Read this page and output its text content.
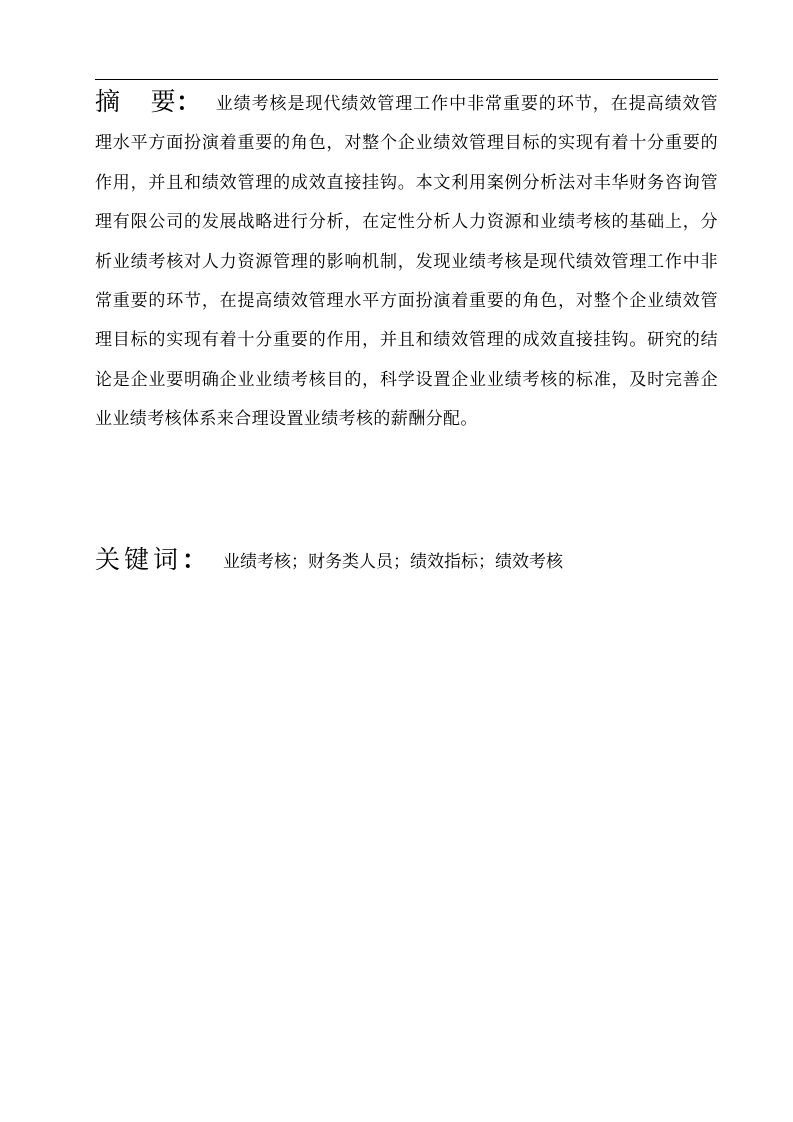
摘 要： 业绩考核是现代绩效管理工作中非常重要的环节，在提高绩效管理水平方面扮演着重要的角色，对整个企业绩效管理目标的实现有着十分重要的作用，并且和绩效管理的成效直接挂钩。本文利用案例分析法对丰华财务咨询管理有限公司的发展战略进行分析，在定性分析人力资源和业绩考核的基础上，分析业绩考核对人力资源管理的影响机制，发现业绩考核是现代绩效管理工作中非常重要的环节，在提高绩效管理水平方面扮演着重要的角色，对整个企业绩效管理目标的实现有着十分重要的作用，并且和绩效管理的成效直接挂钩。研究的结论是企业要明确企业业绩考核目的，科学设置企业业绩考核的标准，及时完善企业业绩考核体系来合理设置业绩考核的薪酬分配。
关键词： 业绩考核；财务类人员；绩效指标；绩效考核
